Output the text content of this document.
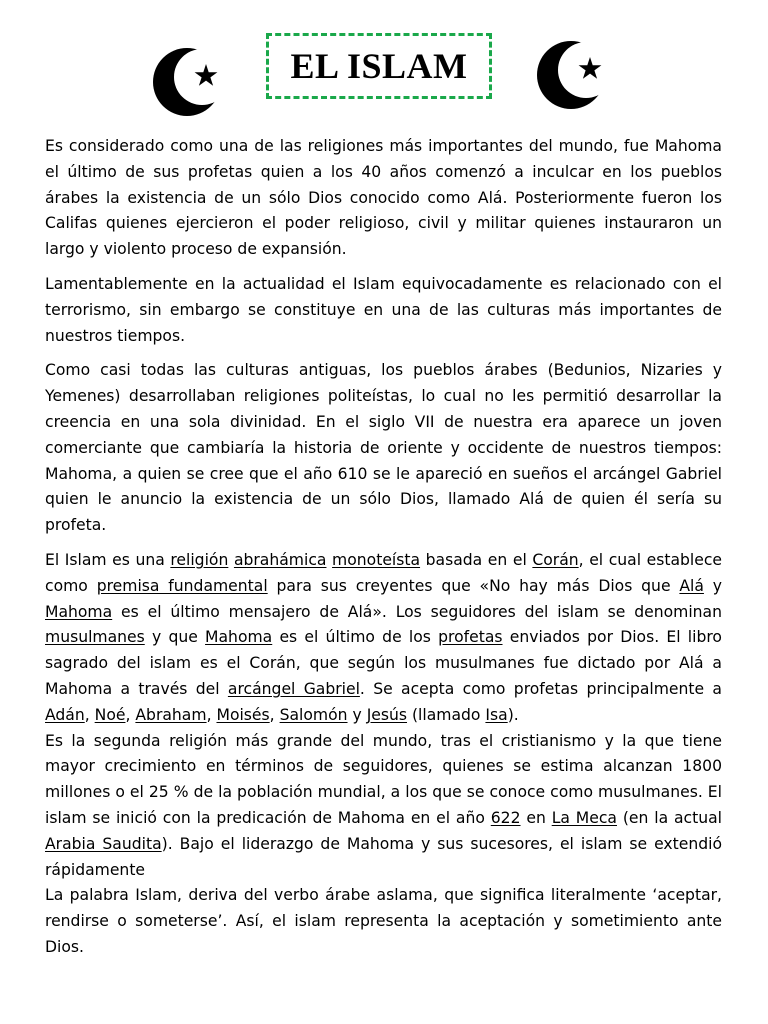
EL ISLAM

Es considerado como una de las religiones más importantes del mundo, fue Mahoma el último de sus profetas quien a los 40 años comenzó a inculcar en los pueblos árabes la existencia de un sólo Dios conocido como Alá. Posteriormente fueron los Califas quienes ejercieron el poder religioso, civil y militar quienes instauraron un largo y violento proceso de expansión.

Lamentablemente en la actualidad el Islam equivocadamente es relacionado con el terrorismo, sin embargo se constituye en una de las culturas más importantes de nuestros tiempos.

Como casi todas las culturas antiguas, los pueblos árabes (Bedunios, Nizaries y Yemenes) desarrollaban religiones politeístas, lo cual no les permitió desarrollar la creencia en una sola divinidad. En el siglo VII de nuestra era aparece un joven comerciante que cambiaría la historia de oriente y occidente de nuestros tiempos: Mahoma, a quien se cree que el año 610 se le apareció en sueños el arcángel Gabriel quien le anuncio la existencia de un sólo Dios, llamado Alá de quien él sería su profeta.

El Islam es una religión abrahámica monoteísta basada en el Corán, el cual establece como premisa fundamental para sus creyentes que «No hay más Dios que Alá y Mahoma es el último mensajero de Alá». Los seguidores del islam se denominan musulmanes y que Mahoma es el último de los profetas enviados por Dios. El libro sagrado del islam es el Corán, que según los musulmanes fue dictado por Alá a Mahoma a través del arcángel Gabriel. Se acepta como profetas principalmente a Adán, Noé, Abraham, Moisés, Salomón y Jesús (llamado Isa).

Es la segunda religión más grande del mundo, tras el cristianismo y la que tiene mayor crecimiento en términos de seguidores, quienes se estima alcanzan 1800 millones o el 25 % de la población mundial, a los que se conoce como musulmanes. El islam se inició con la predicación de Mahoma en el año 622 en La Meca (en la actual Arabia Saudita). Bajo el liderazgo de Mahoma y sus sucesores, el islam se extendió rápidamente

La palabra Islam, deriva del verbo árabe aslama, que significa literalmente ‘aceptar, rendirse o someterse’. Así, el islam representa la aceptación y sometimiento ante Dios.
